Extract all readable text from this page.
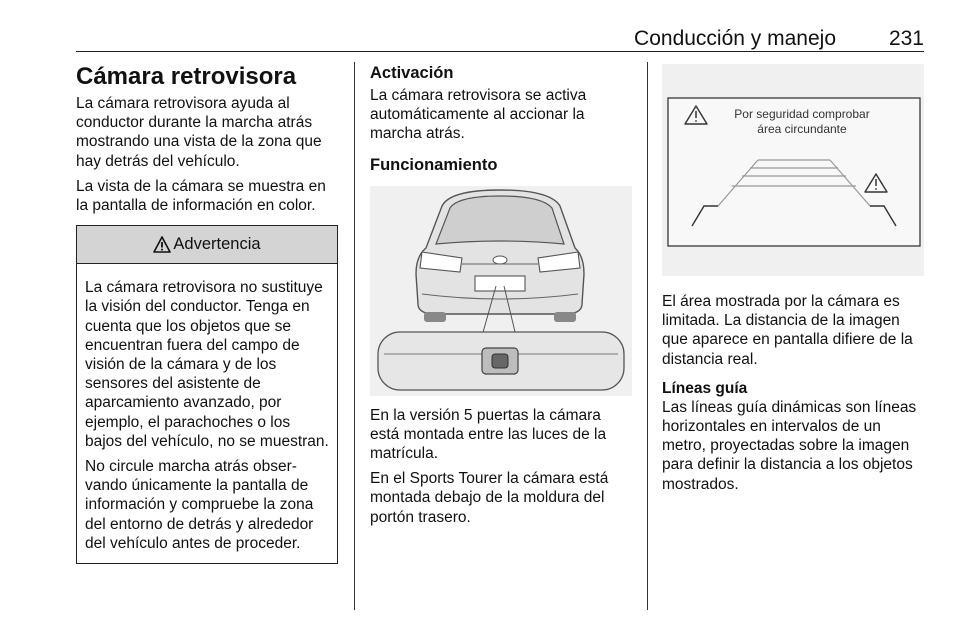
Conducción y manejo	231
Cámara retrovisora

La cámara retrovisora ayuda al conductor durante la marcha atrás mostrando una vista de la zona que hay detrás del vehículo.

La vista de la cámara se muestra en la pantalla de información en color.

Advertencia

La cámara retrovisora no sustituye la visión del conductor. Tenga en cuenta que los objetos que se encuentran fuera del campo de visión de la cámara y de los sensores del asistente de aparcamiento avanzado, por ejemplo, el parachoches o los bajos del vehículo, no se muestran.

No circule marcha atrás observando únicamente la pantalla de información y compruebe la zona del entorno de detrás y alrededor del vehículo antes de proceder.

Activación

La cámara retrovisora se activa automáticamente al accionar la marcha atrás.

Funcionamiento

En la versión 5 puertas la cámara está montada entre las luces de la matrícula.

En el Sports Tourer la cámara está montada debajo de la moldura del portón trasero.

Por seguridad comprobar
área circundante

El área mostrada por la cámara es limitada. La distancia de la imagen que aparece en pantalla difiere de la distancia real.

Líneas guía

Las líneas guía dinámicas son líneas horizontales en intervalos de un metro, proyectadas sobre la imagen para definir la distancia a los objetos mostrados.
